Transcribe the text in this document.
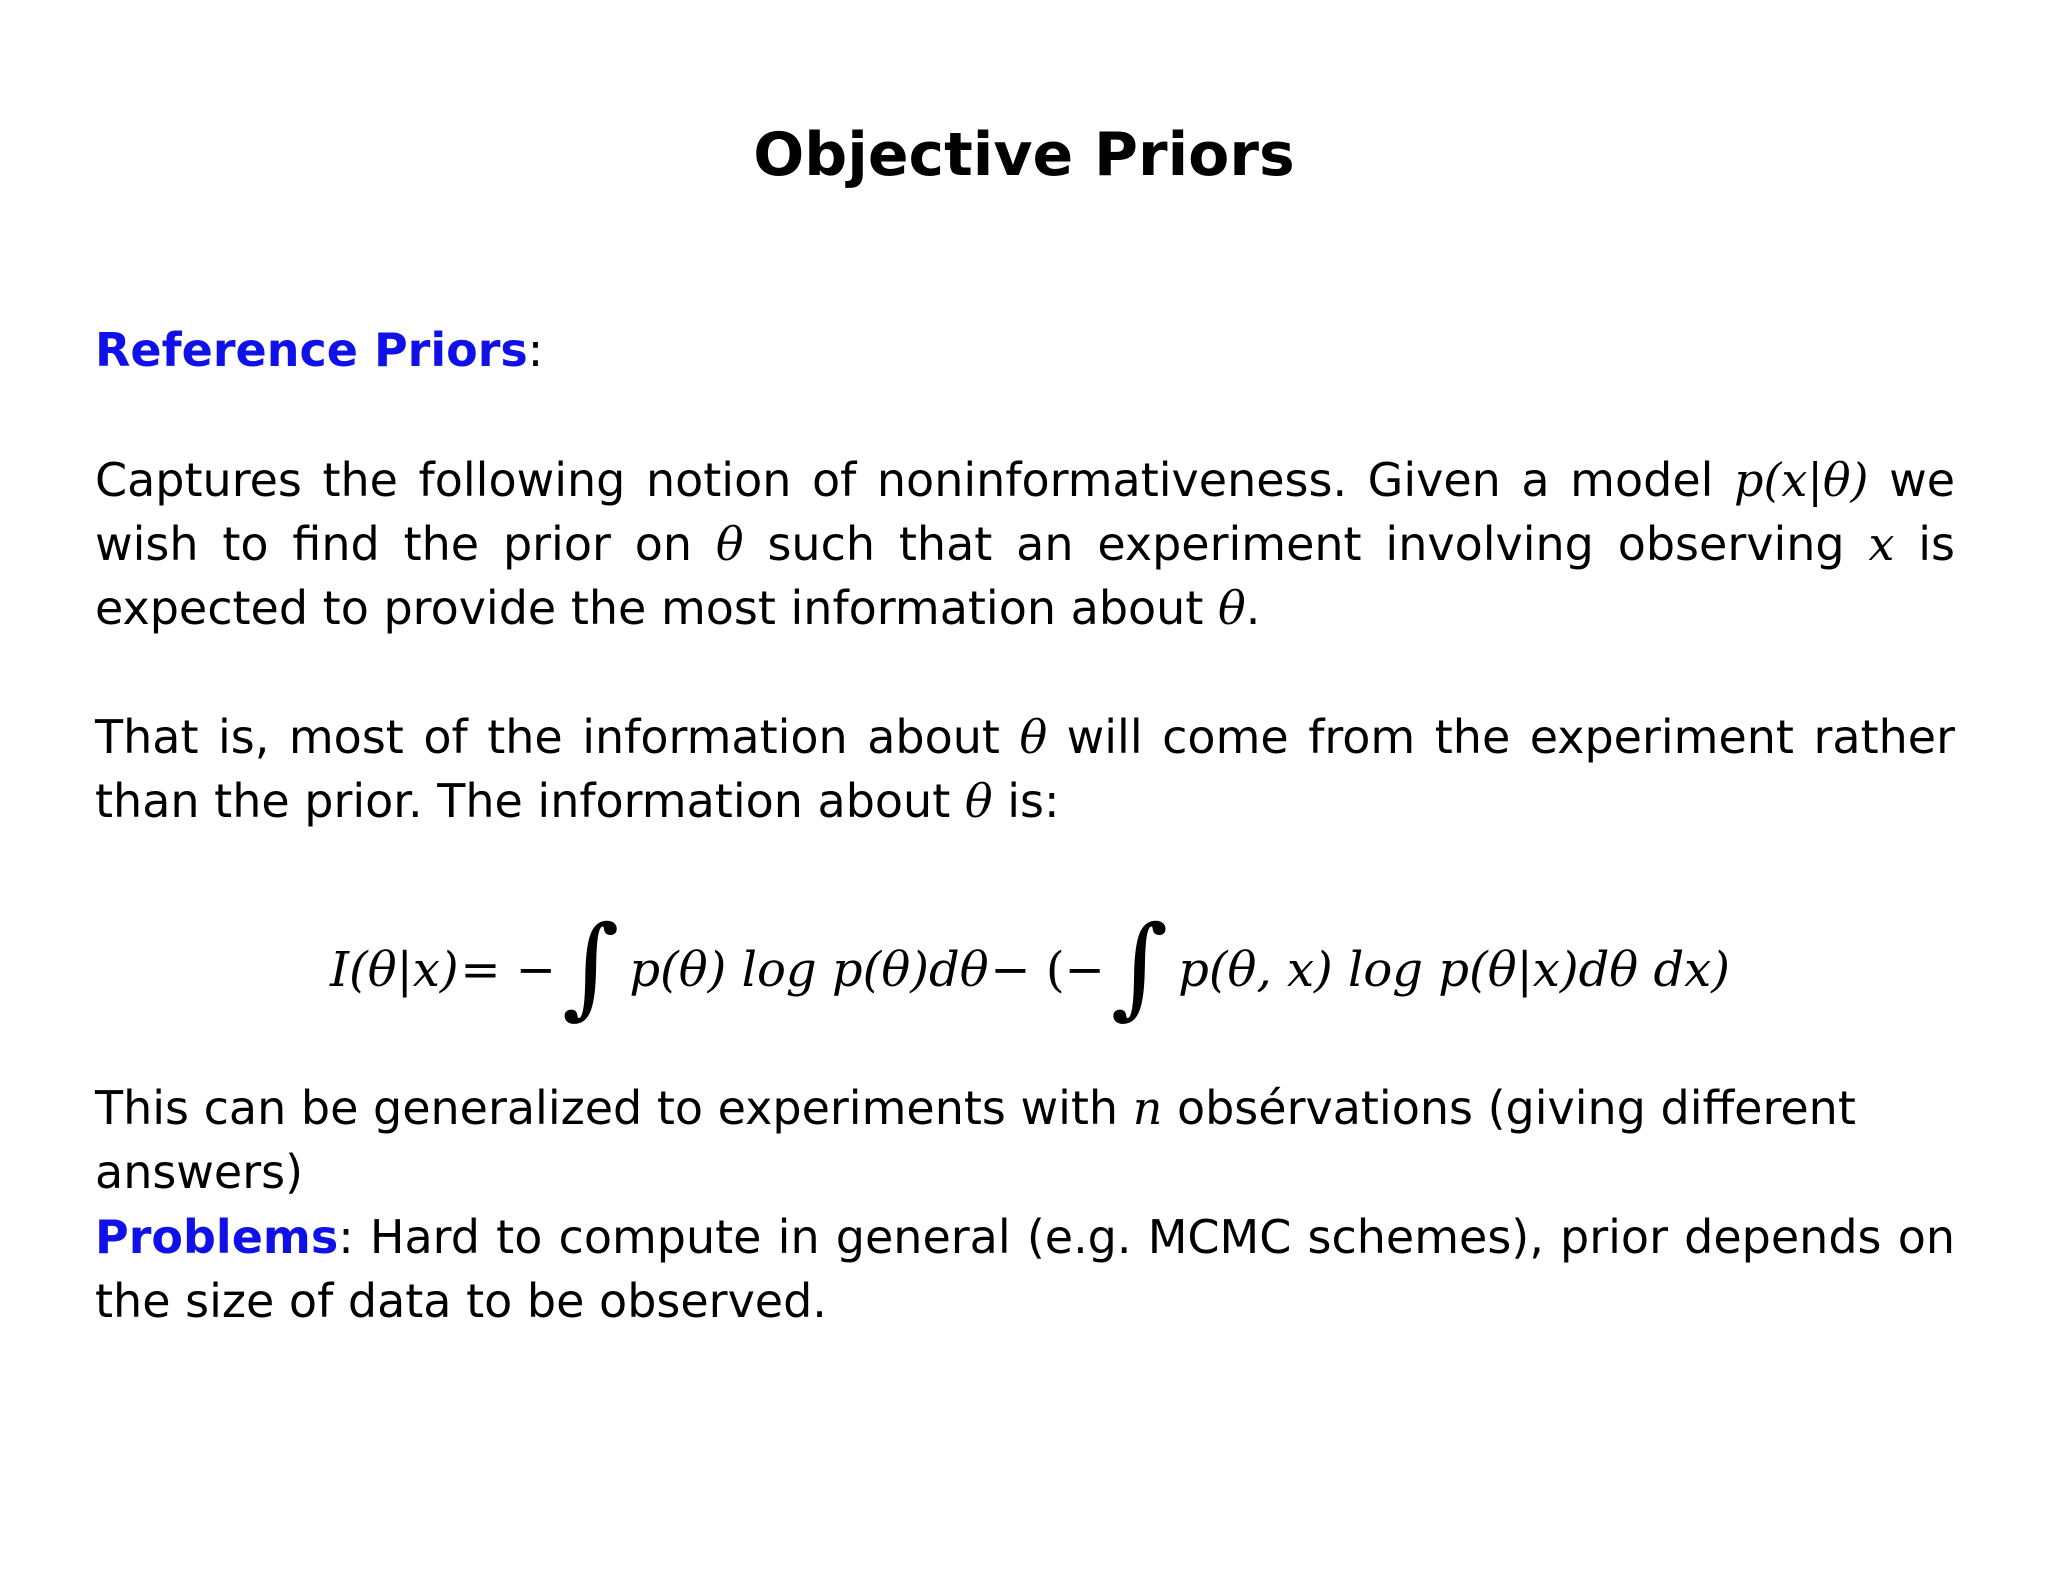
Objective Priors
Reference Priors:
Captures the following notion of noninformativeness. Given a model p(x|θ) we wish to find the prior on θ such that an experiment involving observing x is expected to provide the most information about θ.
That is, most of the information about θ will come from the experiment rather than the prior. The information about θ is:
I(θ|x) = − ∫ p(θ) log p(θ)dθ − (− ∫ p(θ, x) log p(θ|x)dθ dx)
This can be generalized to experiments with n obsérvations (giving different answers)
Problems: Hard to compute in general (e.g. MCMC schemes), prior depends on the size of data to be observed.
